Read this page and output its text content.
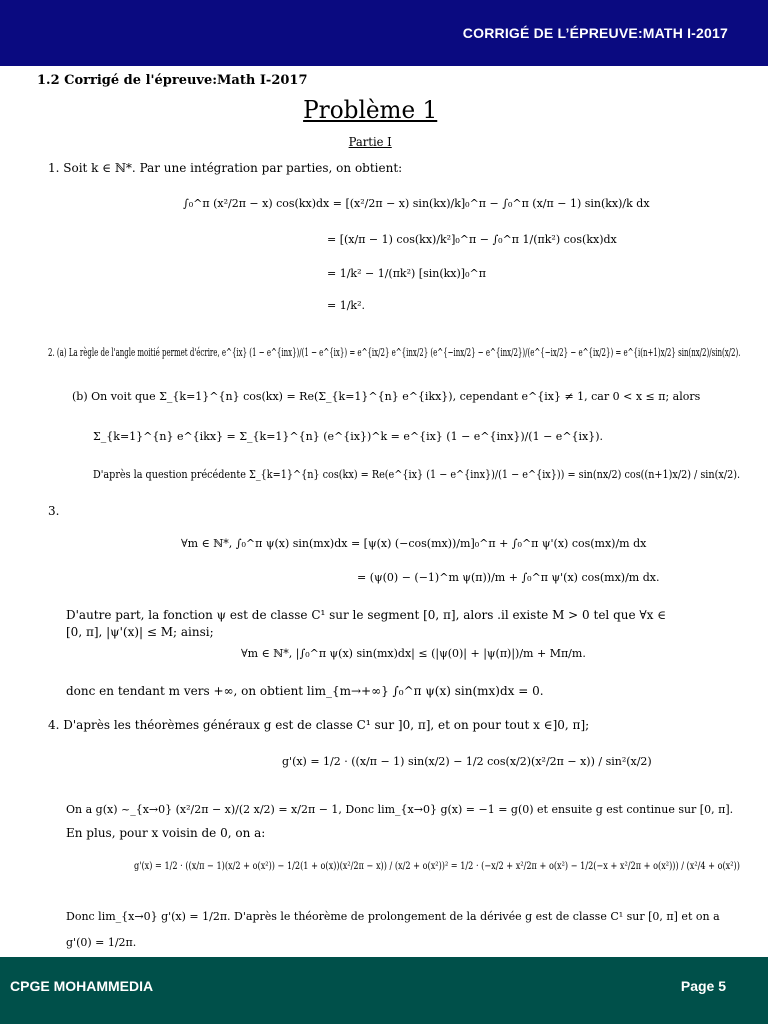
CORRIGÉ DE L’ÉPREUVE:MATH I-2017
1.2 Corrigé de l'épreuve:Math I-2017
Problème 1
Partie I
1. Soit k ∈ ℕ*. Par une intégration par parties, on obtient:
∫₀^π (x²/2π − x) cos(kx)dx = [(x²/2π − x) sin(kx)/k]₀^π − ∫₀^π (x/π − 1) sin(kx)/k dx
= [(x/π − 1) cos(kx)/k²]₀^π − ∫₀^π 1/(πk²) cos(kx)dx
= 1/k² − 1/(πk²) [sin(kx)]₀^π
= 1/k².
2. (a) La règle de l'angle moitié permet d'écrire, e^{ix} (1 − e^{inx})/(1 − e^{ix}) = e^{ix/2} e^{inx/2} (e^{−inx/2} − e^{inx/2})/(e^{−ix/2} − e^{ix/2}) = e^{i(n+1)x/2} sin(nx/2)/sin(x/2).
(b) On voit que Σ_{k=1}^{n} cos(kx) = Re(Σ_{k=1}^{n} e^{ikx}), cependant e^{ix} ≠ 1, car 0 < x ≤ π; alors
Σ_{k=1}^{n} e^{ikx} = Σ_{k=1}^{n} (e^{ix})^k = e^{ix} (1 − e^{inx})/(1 − e^{ix}).
D'après la question précédente Σ_{k=1}^{n} cos(kx) = Re(e^{ix} (1 − e^{inx})/(1 − e^{ix})) = sin(nx/2) cos((n+1)x/2) / sin(x/2).
3.
∀m ∈ ℕ*, ∫₀^π ψ(x) sin(mx)dx = [ψ(x) (−cos(mx))/m]₀^π + ∫₀^π ψ'(x) cos(mx)/m dx
= (ψ(0) − (−1)^m ψ(π))/m + ∫₀^π ψ'(x) cos(mx)/m dx.
D'autre part, la fonction ψ est de classe C¹ sur le segment [0, π], alors .il existe M > 0 tel que ∀x ∈
[0, π], |ψ'(x)| ≤ M; ainsi;
∀m ∈ ℕ*, |∫₀^π ψ(x) sin(mx)dx| ≤ (|ψ(0)| + |ψ(π)|)/m + Mπ/m.
donc en tendant m vers +∞, on obtient lim_{m→+∞} ∫₀^π ψ(x) sin(mx)dx = 0.
4. D'après les théorèmes généraux g est de classe C¹ sur ]0, π], et on pour tout x ∈]0, π];
g'(x) = 1/2 · ((x/π − 1) sin(x/2) − 1/2 cos(x/2)(x²/2π − x)) / sin²(x/2)
On a g(x) ~_{x→0} (x²/2π − x)/(2 x/2) = x/2π − 1, Donc lim_{x→0} g(x) = −1 = g(0) et ensuite g est continue sur [0, π].
En plus, pour x voisin de 0, on a:
g'(x) = 1/2 · ((x/π − 1)(x/2 + o(x²)) − 1/2(1 + o(x))(x²/2π − x)) / (x/2 + o(x²))² = 1/2 · (−x/2 + x²/2π + o(x²) − 1/2(−x + x²/2π + o(x²))) / (x²/4 + o(x²))
Donc lim_{x→0} g'(x) = 1/2π. D'après le théorème de prolongement de la dérivée g est de classe C¹ sur [0, π] et on a
g'(0) = 1/2π.
CPGE MOHAMMEDIA	Page 5
